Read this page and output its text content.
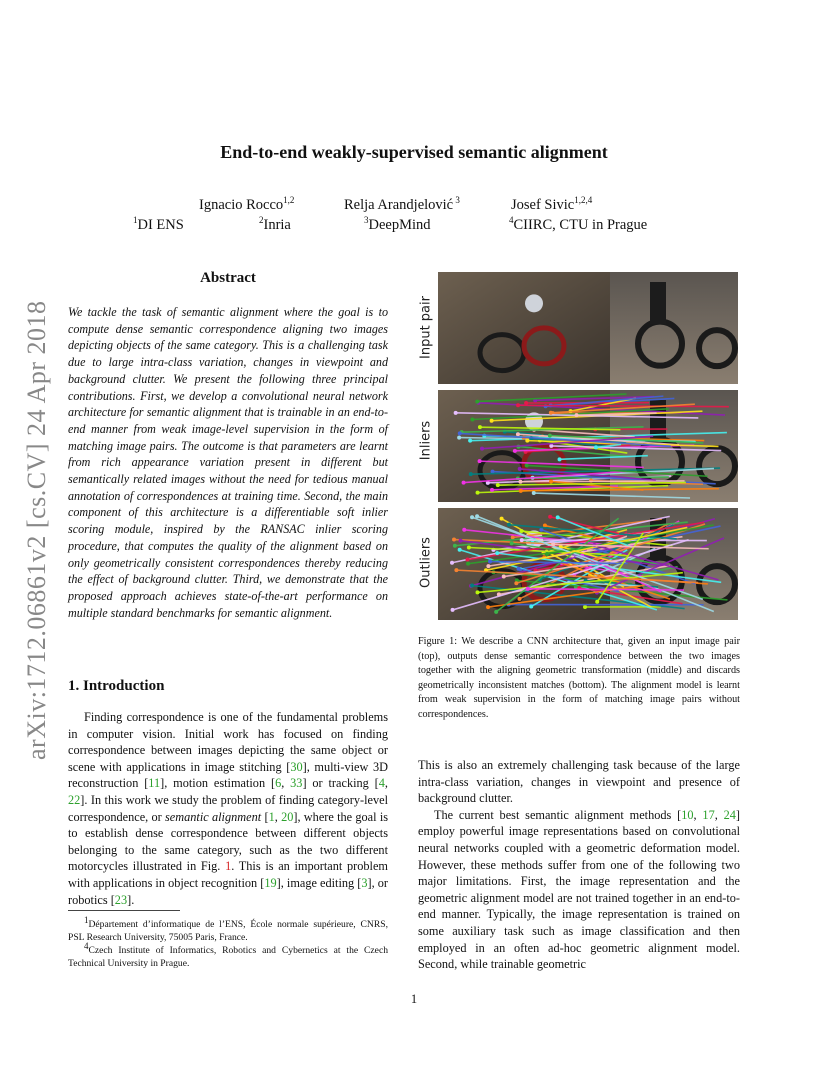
arXiv:1712.06861v2 [cs.CV] 24 Apr 2018
End-to-end weakly-supervised semantic alignment
Ignacio Rocco$^{1,2}$	Relja Arandjelović $^3$	Josef Sivic$^{1,2,4}$
$^1$DI ENS	$^2$Inria	$^3$DeepMind	$^4$CIIRC, CTU in Prague
Abstract
We tackle the task of semantic alignment where the goal is to compute dense semantic correspondence aligning two images depicting objects of the same category. This is a challenging task due to large intra-class variation, changes in viewpoint and background clutter. We present the following three principal contributions. First, we develop a convolutional neural network architecture for semantic alignment that is trainable in an end-to-end manner from weak image-level supervision in the form of matching image pairs. The outcome is that parameters are learnt from rich appearance variation present in different but semantically related images without the need for tedious manual annotation of correspondences at training time. Second, the main component of this architecture is a differentiable soft inlier scoring module, inspired by the RANSAC inlier scoring procedure, that computes the quality of the alignment based on only geometrically consistent correspondences thereby reducing the effect of background clutter. Third, we demonstrate that the proposed approach achieves state-of-the-art performance on multiple standard benchmarks for semantic alignment.
1. Introduction
Finding correspondence is one of the fundamental problems in computer vision. Initial work has focused on finding correspondence between images depicting the same object or scene with applications in image stitching [30], multi-view 3D reconstruction [11], motion estimation [6, 33] or tracking [4, 22]. In this work we study the problem of finding category-level correspondence, or semantic alignment [1, 20], where the goal is to establish dense correspondence between different objects belonging to the same category, such as the two different motorcycles illustrated in Fig. 1. This is an important problem with applications in object recognition [19], image editing [3], or robotics [23].
$^1$Département d’informatique de l’ENS, École normale supérieure, CNRS, PSL Research University, 75005 Paris, France.
$^4$Czech Institute of Informatics, Robotics and Cybernetics at the Czech Technical University in Prague.
Input pair
Inliers
Outliers
Figure 1: We describe a CNN architecture that, given an input image pair (top), outputs dense semantic correspondence between the two images together with the aligning geometric transformation (middle) and discards geometrically inconsistent matches (bottom). The alignment model is learnt from weak supervision in the form of matching image pairs without correspondences.

This is also an extremely challenging task because of the large intra-class variation, changes in viewpoint and presence of background clutter.

The current best semantic alignment methods [10, 17, 24] employ powerful image representations based on convolutional neural networks coupled with a geometric deformation model. However, these methods suffer from one of the following two major limitations. First, the image representation and the geometric alignment model are not trained together in an end-to-end manner. Typically, the image representation is trained on some auxiliary task such as image classification and then employed in an often ad-hoc geometric alignment model. Second, while trainable geometric

1
